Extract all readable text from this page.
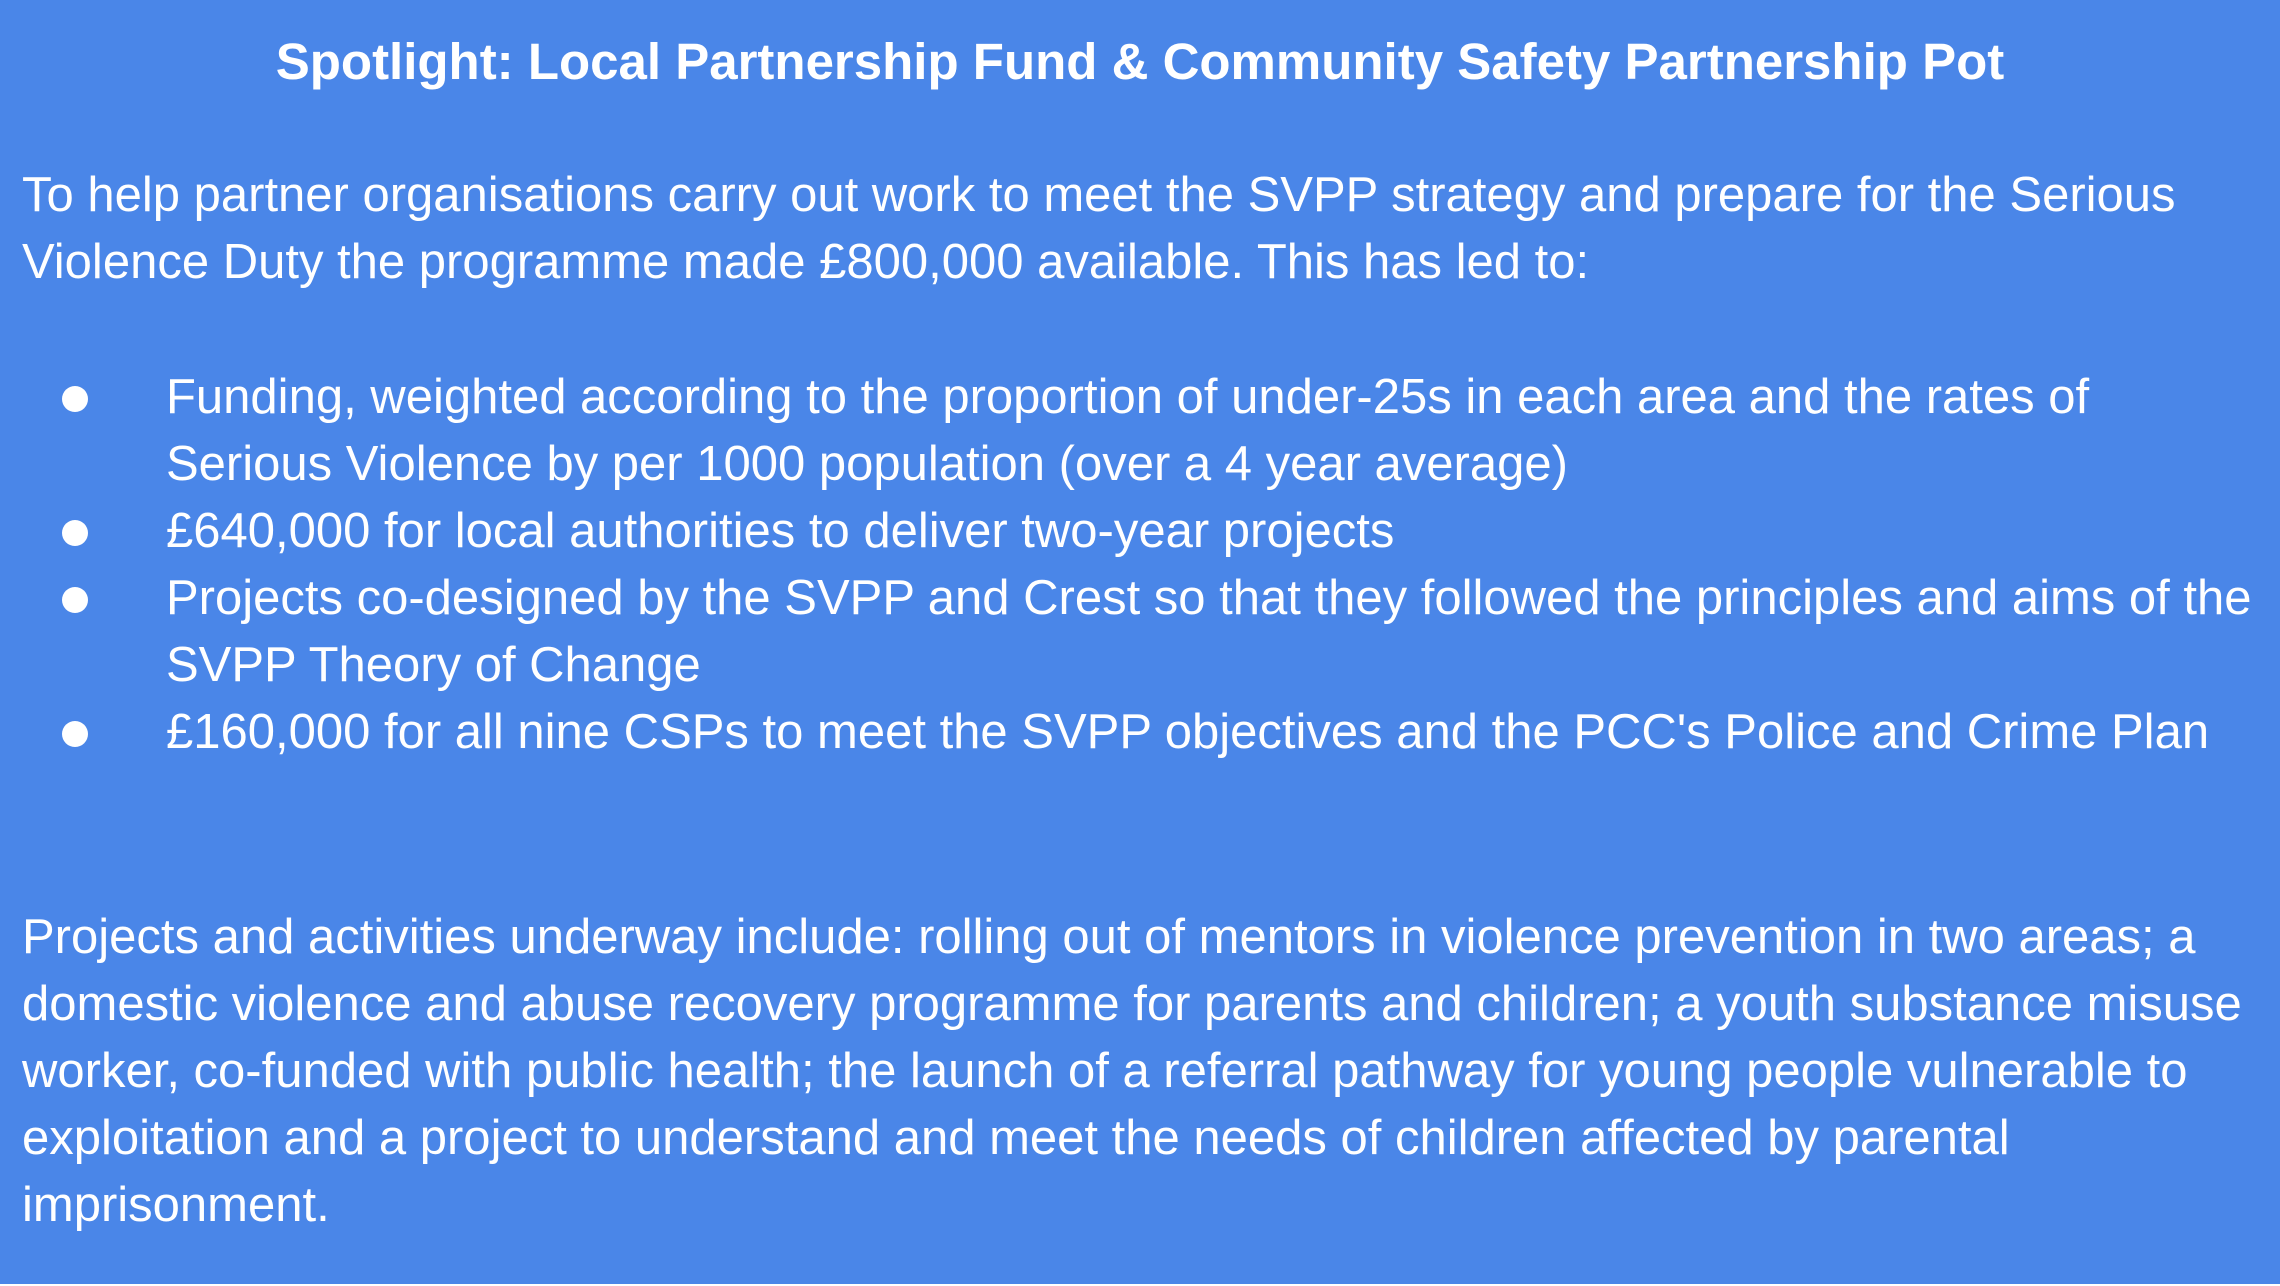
Spotlight: Local Partnership Fund & Community Safety Partnership Pot
To help partner organisations carry out work to meet the SVPP strategy and prepare for the Serious Violence Duty the programme made £800,000 available. This has led to:
Funding, weighted according to the proportion of under-25s in each area and the rates of Serious Violence by per 1000 population (over a 4 year average)
£640,000 for local authorities to deliver two-year projects
Projects co-designed by the SVPP and Crest so that they followed the principles and aims of the SVPP Theory of Change
£160,000 for all nine CSPs to meet the SVPP objectives and the PCC's Police and Crime Plan
Projects and activities underway include: rolling out of mentors in violence prevention in two areas; a domestic violence and abuse recovery programme for parents and children; a youth substance misuse worker, co-funded with public health; the launch of a referral pathway for young people vulnerable to exploitation and a project to understand and meet the needs of children affected by parental imprisonment.
